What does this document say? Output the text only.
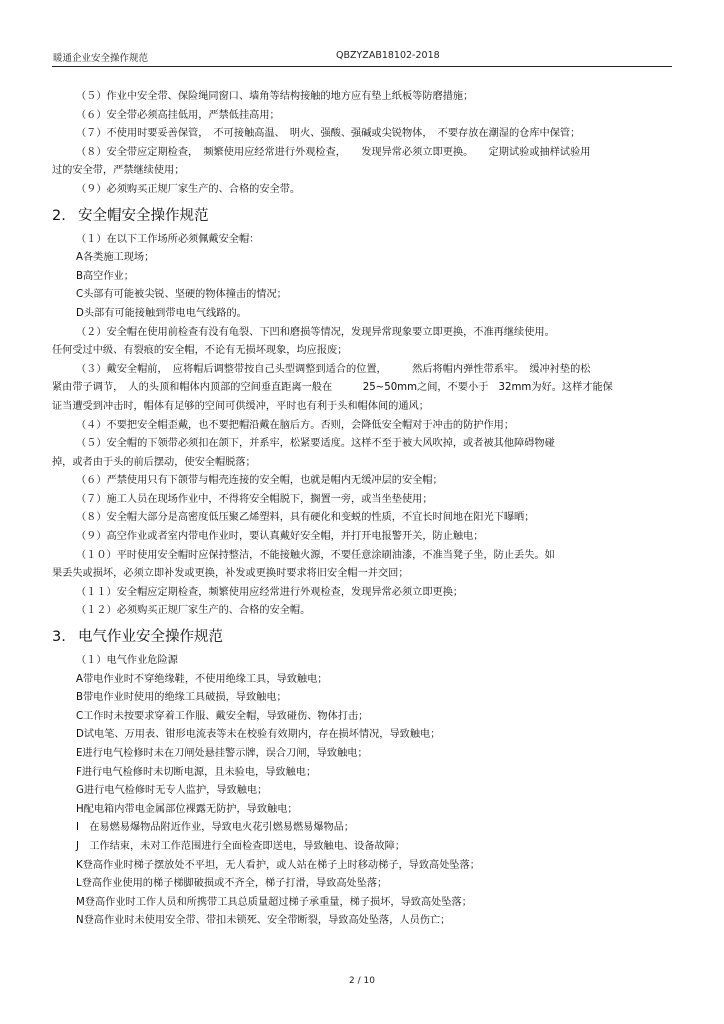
暖通企业安全操作规范	QBZYZAB18102-2018
（５）作业中安全带、保险绳同窗口、墙角等结构接触的地方应有垫上纸板等防磨措施；
（６）安全带必须高挂低用，严禁低挂高用；
（７）不使用时要妥善保管，　不可接触高温、　明火、强酸、强碱或尖锐物体，　不要存放在潮湿的仓库中保管；
（８）安全带应定期检查，　频繁使用应经常进行外观检查，　　发现异常必须立即更换。　　定期试验或抽样试验用
过的安全带，严禁继续使用；
（９）必须购买正规厂家生产的、合格的安全带。
2. 安全帽安全操作规范
（１）在以下工作场所必须佩戴安全帽：
A各类施工现场；
B高空作业；
C头部有可能被尖锐、坚硬的物体撞击的情况；
D头部有可能接触到带电电气线路的。
（２）安全帽在使用前检查有没有龟裂、下凹和磨损等情况，发现异常现象要立即更换，不准再继续使用。
任何受过中级、有裂痕的安全帽，不论有无损坏现象，均应报废；
（３）戴安全帽前，　应将帽后调整带按自己头型调整到适合的位置，　　　然后将帽内弹性带系牢。　缓冲衬垫的松
紧由带子调节，　人的头顶和帽体内顶部的空间垂直距离一般在　　　25~50mm之间，不要小于　32mm为好。这样才能保
证当遭受到冲击时，帽体有足够的空间可供缓冲，平时也有利于头和帽体间的通风；
（４）不要把安全帽歪戴，也不要把帽沿戴在脑后方。否则，会降低安全帽对于冲击的防护作用；
（５）安全帽的下领带必须扣在颌下，并系牢，松紧要适度。这样不至于被大风吹掉，或者被其他障碍物碰
掉，或者由于头的前后摆动，使安全帽脱落；
（６）严禁使用只有下颌带与帽壳连接的安全帽，也就是帽内无缓冲层的安全帽；
（７）施工人员在现场作业中，不得将安全帽脱下，搁置一旁，或当坐垫使用；
（８）安全帽大部分是高密度低压聚乙烯塑料，具有硬化和变蜕的性质，不宜长时间地在阳光下曝晒；
（９）高空作业或者室内带电作业时，要认真戴好安全帽，并打开电报警开关，防止触电；
（１０）平时使用安全帽时应保持整洁，不能接触火源，不要任意涂刷油漆，不准当凳子坐，防止丢失。如
果丢失或损坏，必须立即补发或更换，补发或更换时要求将旧安全帽一并交回；
（１１）安全帽应定期检查，频繁使用应经常进行外观检查，发现异常必须立即更换；
（１２）必须购买正规厂家生产的、合格的安全帽。
3. 电气作业安全操作规范
（１）电气作业危险源
A带电作业时不穿绝缘鞋，不使用绝缘工具，导致触电；
B带电作业时使用的绝缘工具破损，导致触电；
C工作时未按要求穿着工作服、戴安全帽，导致碰伤、物体打击；
D试电笔、万用表、钳形电流表等未在校验有效期内，存在损坏情况，导致触电；
E进行电气检修时未在刀闸处悬挂警示牌，误合刀闸，导致触电；
F进行电气检修时未切断电源，且未验电，导致触电；
G进行电气检修时无专人监护，导致触电；
H配电箱内带电金属部位裸露无防护，导致触电；
I　在易燃易爆物品附近作业，导致电火花引燃易燃易爆物品；
J　工作结束，未对工作范围进行全面检查即送电，导致触电、设备故障；
K登高作业时梯子摆放处不平坦，无人看护，或人站在梯子上时移动梯子，导致高处坠落；
L登高作业使用的梯子梯脚破损或不齐全，梯子打滑，导致高处坠落；
M登高作业时工作人员和所携带工具总质量超过梯子承重量，梯子损坏，导致高处坠落；
N登高作业时未使用安全带、带扣未锁死、安全带断裂，导致高处坠落，人员伤亡；
2 / 10
